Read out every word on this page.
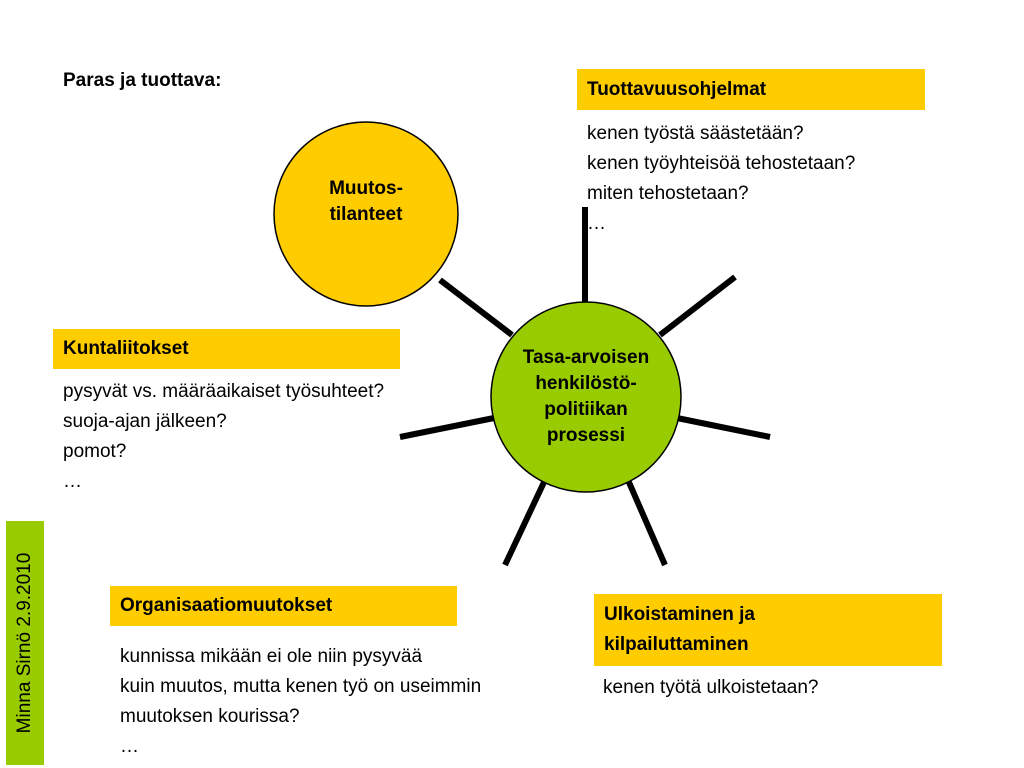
Paras ja tuottava:
Muutos-
tilanteet
Tasa-arvoisen
henkilöstö-
politiikan
prosessi
Tuottavuusohjelmat
kenen työstä säästetään?
kenen työyhteisöä tehostetaan?
miten tehostetaan?
…
Kuntaliitokset
pysyvät vs. määräaikaiset työsuhteet?
suoja-ajan jälkeen?
pomot?
…
Organisaatiomuutokset
kunnissa mikään ei ole niin pysyvää
kuin muutos, mutta kenen työ on useimmin
muutoksen kourissa?
…
Ulkoistaminen ja
kilpailuttaminen
kenen työtä ulkoistetaan?
Minna Sirnö 2.9.2010
